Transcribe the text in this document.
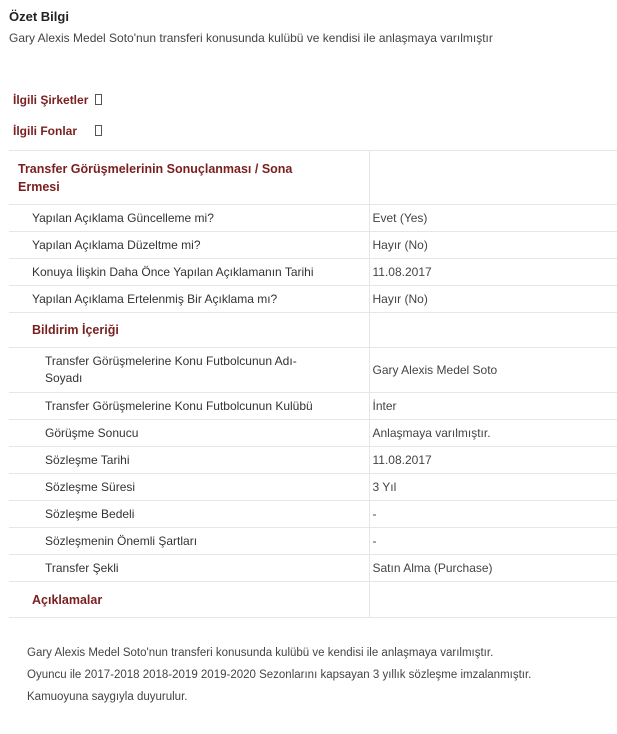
Özet Bilgi
Gary Alexis Medel Soto'nun transferi konusunda kulübü ve kendisi ile anlaşmaya varılmıştır
İlgili Şirketler
İlgili Fonlar
Transfer Görüşmelerinin Sonuçlanması / Sona Ermesi	

Yapılan Açıklama Güncelleme mi?	Evet (Yes)
Yapılan Açıklama Düzeltme mi?	Hayır (No)
Konuya İlişkin Daha Önce Yapılan Açıklamanın Tarihi	11.08.2017
Yapılan Açıklama Ertelenmiş Bir Açıklama mı?	Hayır (No)

Bildirim İçeriği	

Transfer Görüşmelerine Konu Futbolcunun Adı-Soyadı	Gary Alexis Medel Soto
Transfer Görüşmelerine Konu Futbolcunun Kulübü	İnter
Görüşme Sonucu	Anlaşmaya varılmıştır.
Sözleşme Tarihi	11.08.2017
Sözleşme Süresi	3 Yıl
Sözleşme Bedeli	-
Sözleşmenin Önemli Şartları	-
Transfer Şekli	Satın Alma (Purchase)

Açıklamalar	

Gary Alexis Medel Soto'nun transferi konusunda kulübü ve kendisi ile anlaşmaya varılmıştır.
Oyuncu ile 2017-2018 2018-2019 2019-2020 Sezonlarını kapsayan 3 yıllık sözleşme imzalanmıştır.
Kamuoyuna saygıyla duyurulur.
